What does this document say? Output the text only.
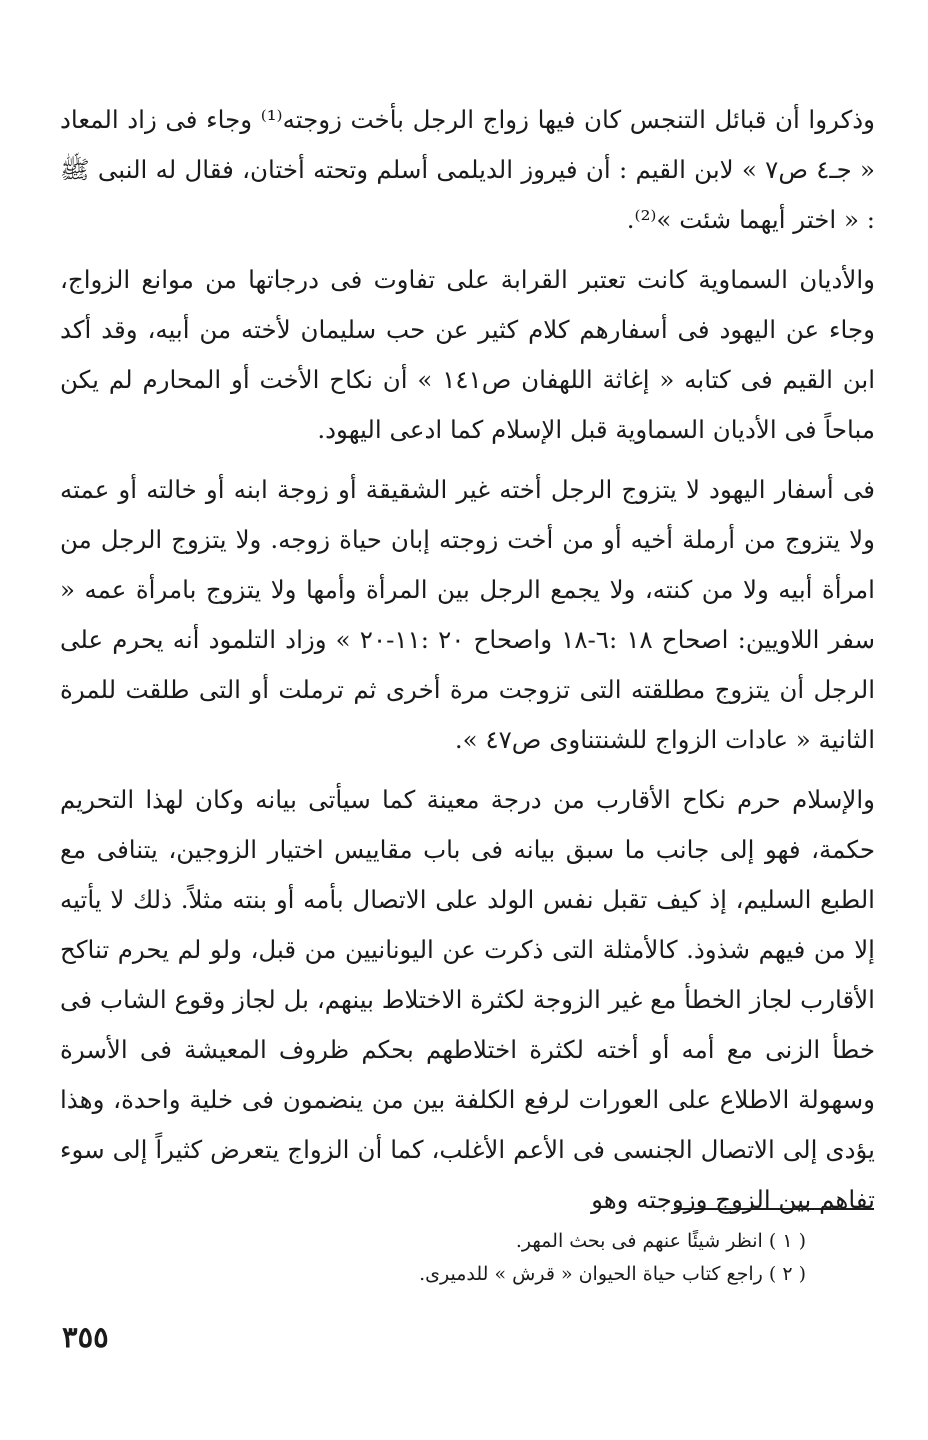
وذكروا أن قبائل التنجس كان فيها زواج الرجل بأخت زوجته⁽¹⁾ وجاء فى زاد المعاد « جـ٤ ص٧ » لابن القيم : أن فيروز الديلمى أسلم وتحته أختان، فقال له النبى ﷺ : « اختر أيهما شئت »⁽²⁾.

والأديان السماوية كانت تعتبر القرابة على تفاوت فى درجاتها من موانع الزواج، وجاء عن اليهود فى أسفارهم كلام كثير عن حب سليمان لأخته من أبيه، وقد أكد ابن القيم فى كتابه « إغاثة اللهفان ص١٤١ » أن نكاح الأخت أو المحارم لم يكن مباحاً فى الأديان السماوية قبل الإسلام كما ادعى اليهود.

فى أسفار اليهود لا يتزوج الرجل أخته غير الشقيقة أو زوجة ابنه أو خالته أو عمته ولا يتزوج من أرملة أخيه أو من أخت زوجته إبان حياة زوجه. ولا يتزوج الرجل من امرأة أبيه ولا من كنته، ولا يجمع الرجل بين المرأة وأمها ولا يتزوج بامرأة عمه « سفر اللاويين: اصحاح ١٨ :٦-١٨ واصحاح ٢٠ :١١-٢٠ » وزاد التلمود أنه يحرم على الرجل أن يتزوج مطلقته التى تزوجت مرة أخرى ثم ترملت أو التى طلقت للمرة الثانية « عادات الزواج للشنتناوى ص٤٧ ».

والإسلام حرم نكاح الأقارب من درجة معينة كما سيأتى بيانه وكان لهذا التحريم حكمة، فهو إلى جانب ما سبق بيانه فى باب مقاييس اختيار الزوجين، يتنافى مع الطبع السليم، إذ كيف تقبل نفس الولد على الاتصال بأمه أو بنته مثلاً. ذلك لا يأتيه إلا من فيهم شذوذ. كالأمثلة التى ذكرت عن اليونانيين من قبل، ولو لم يحرم تناكح الأقارب لجاز الخطأ مع غير الزوجة لكثرة الاختلاط بينهم، بل لجاز وقوع الشاب فى خطأ الزنى مع أمه أو أخته لكثرة اختلاطهم بحكم ظروف المعيشة فى الأسرة وسهولة الاطلاع على العورات لرفع الكلفة بين من ينضمون فى خلية واحدة، وهذا يؤدى إلى الاتصال الجنسى فى الأعم الأغلب، كما أن الزواج يتعرض كثيراً إلى سوء تفاهم بين الزوج وزوجته وهو

( ١ ) انظر شيئًا عنهم فى بحث المهر.

( ٢ ) راجع كتاب حياة الحيوان « قرش » للدميرى.

٣٥٥
